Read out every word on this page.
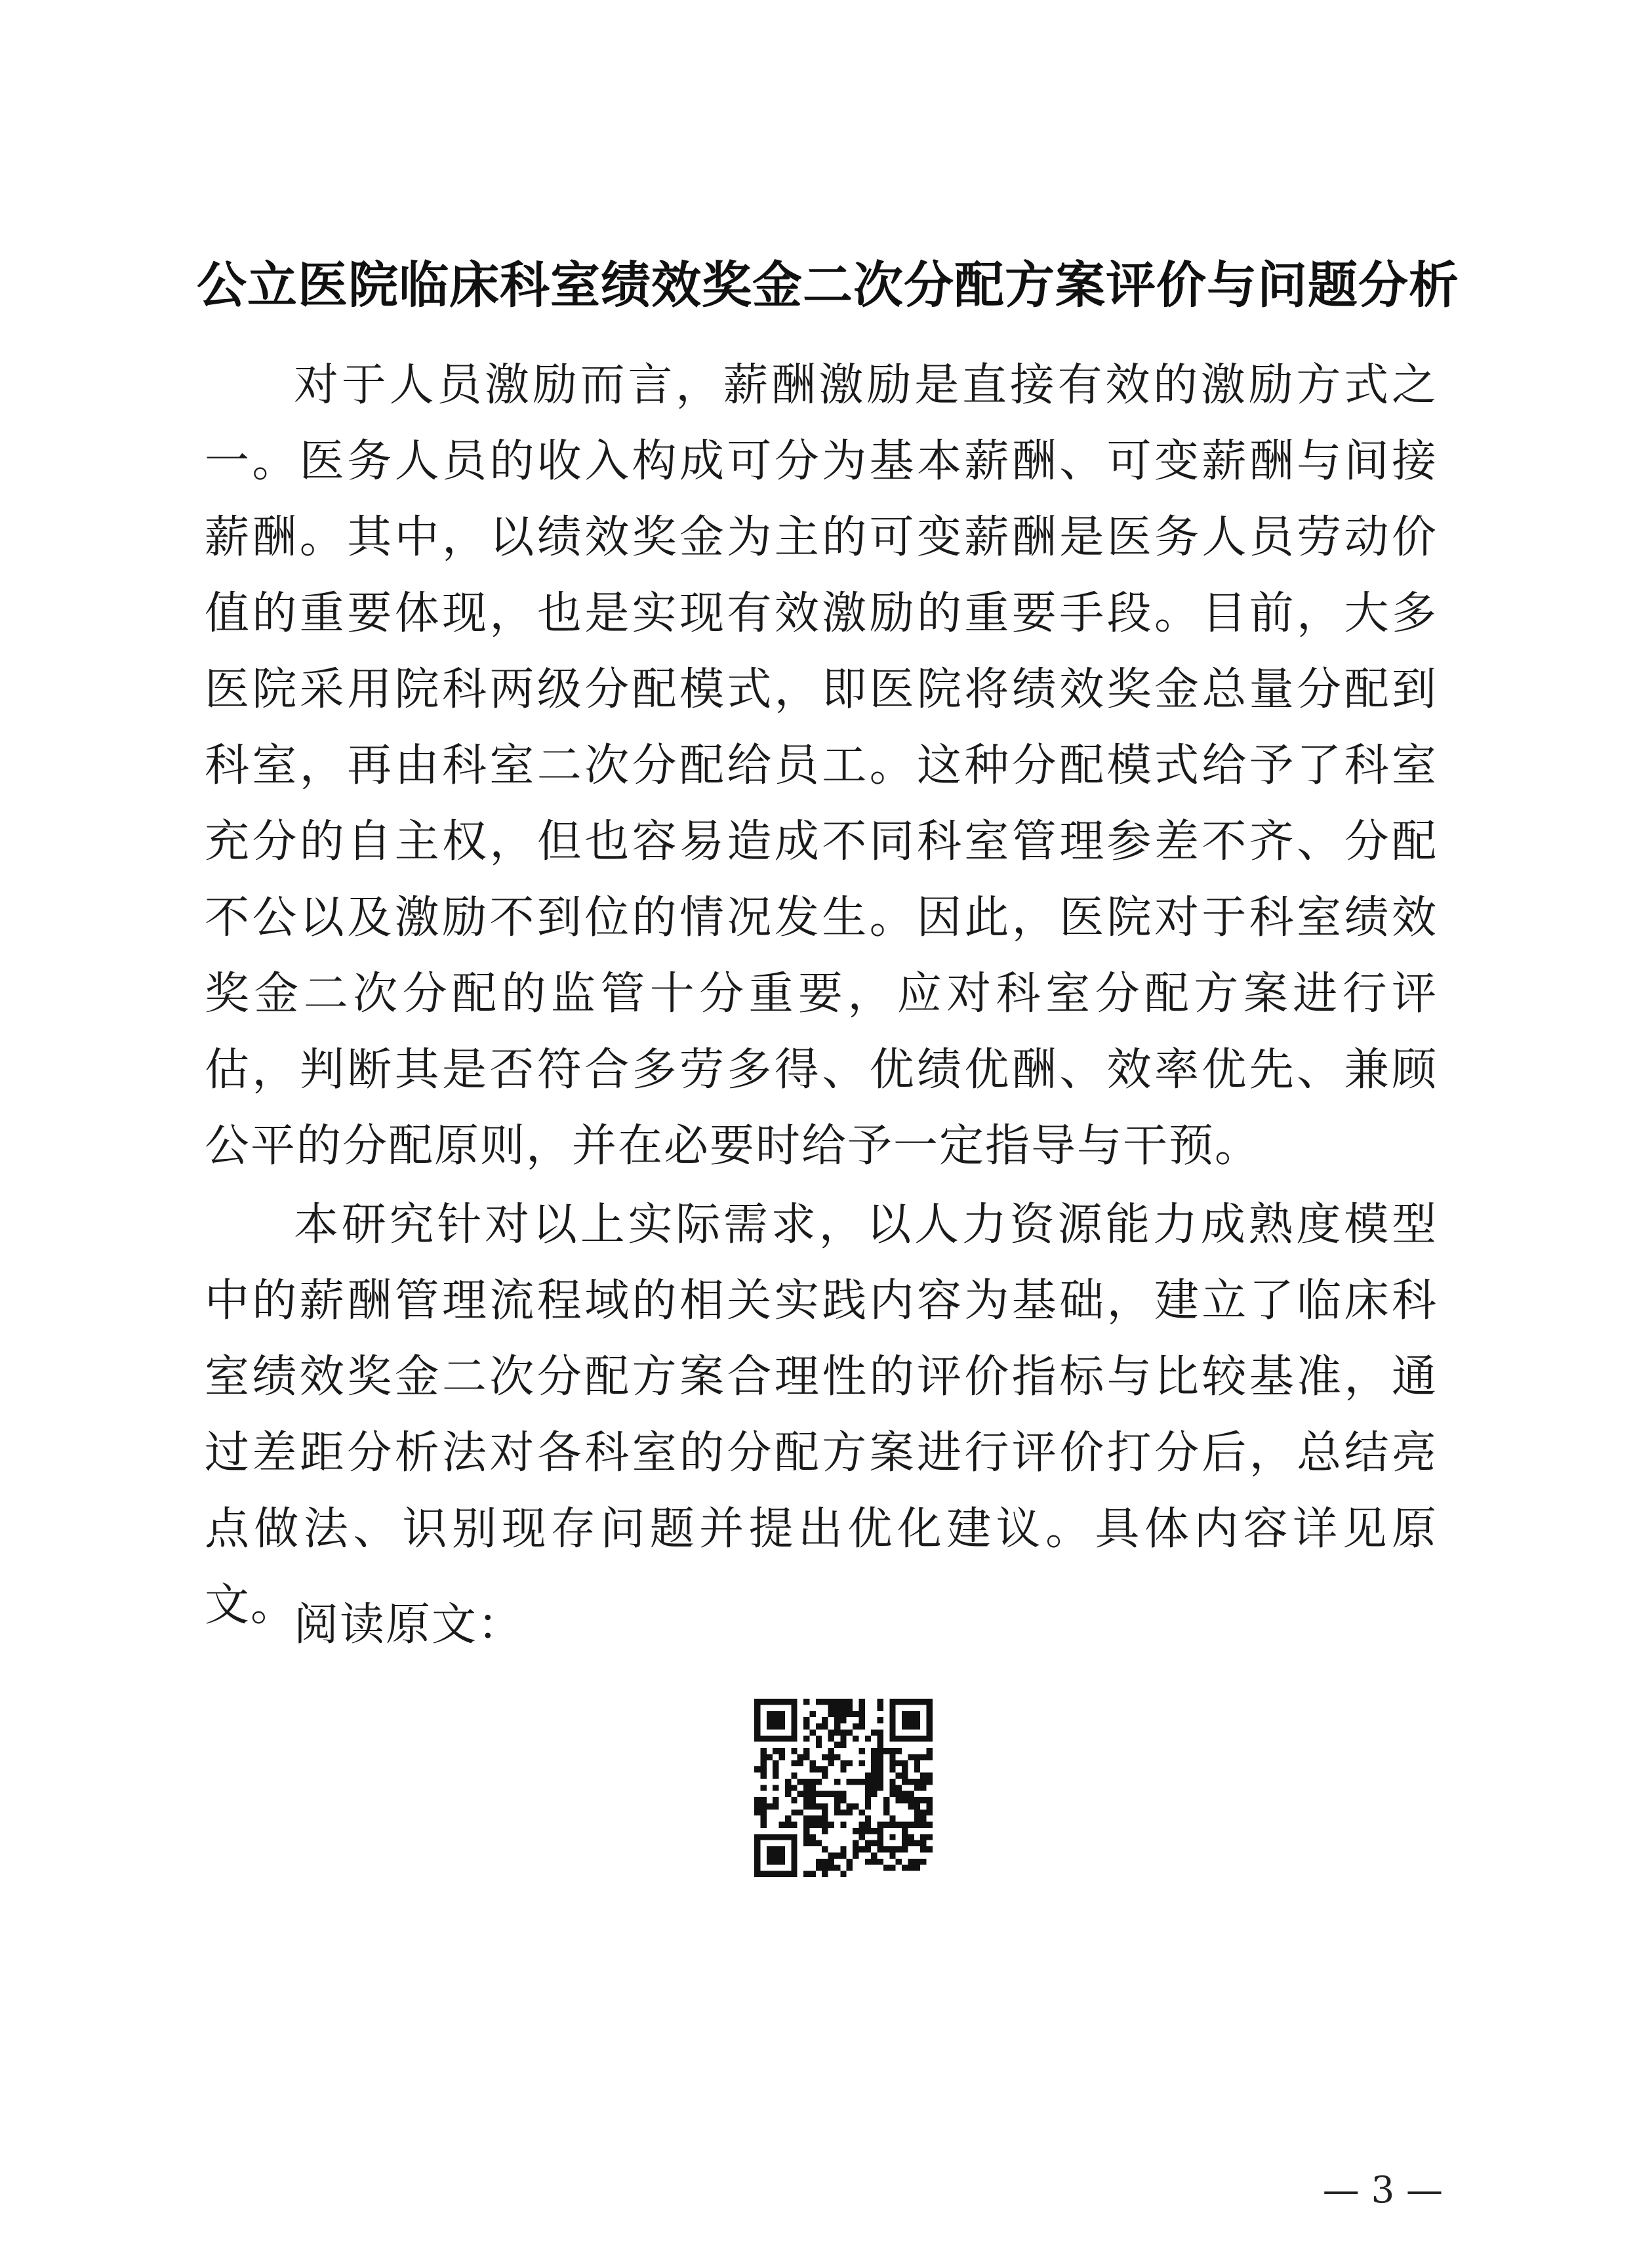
公立医院临床科室绩效奖金二次分配方案评价与问题分析

对于人员激励而言，薪酬激励是直接有效的激励方式之一。医务人员的收入构成可分为基本薪酬、可变薪酬与间接薪酬。其中，以绩效奖金为主的可变薪酬是医务人员劳动价值的重要体现，也是实现有效激励的重要手段。目前，大多医院采用院科两级分配模式，即医院将绩效奖金总量分配到科室，再由科室二次分配给员工。这种分配模式给予了科室充分的自主权，但也容易造成不同科室管理参差不齐、分配不公以及激励不到位的情况发生。因此，医院对于科室绩效奖金二次分配的监管十分重要，应对科室分配方案进行评估，判断其是否符合多劳多得、优绩优酬、效率优先、兼顾公平的分配原则，并在必要时给予一定指导与干预。

本研究针对以上实际需求，以人力资源能力成熟度模型中的薪酬管理流程域的相关实践内容为基础，建立了临床科室绩效奖金二次分配方案合理性的评价指标与比较基准，通过差距分析法对各科室的分配方案进行评价打分后，总结亮点做法、识别现存问题并提出优化建议。具体内容详见原文。

阅读原文：
— 3 —
